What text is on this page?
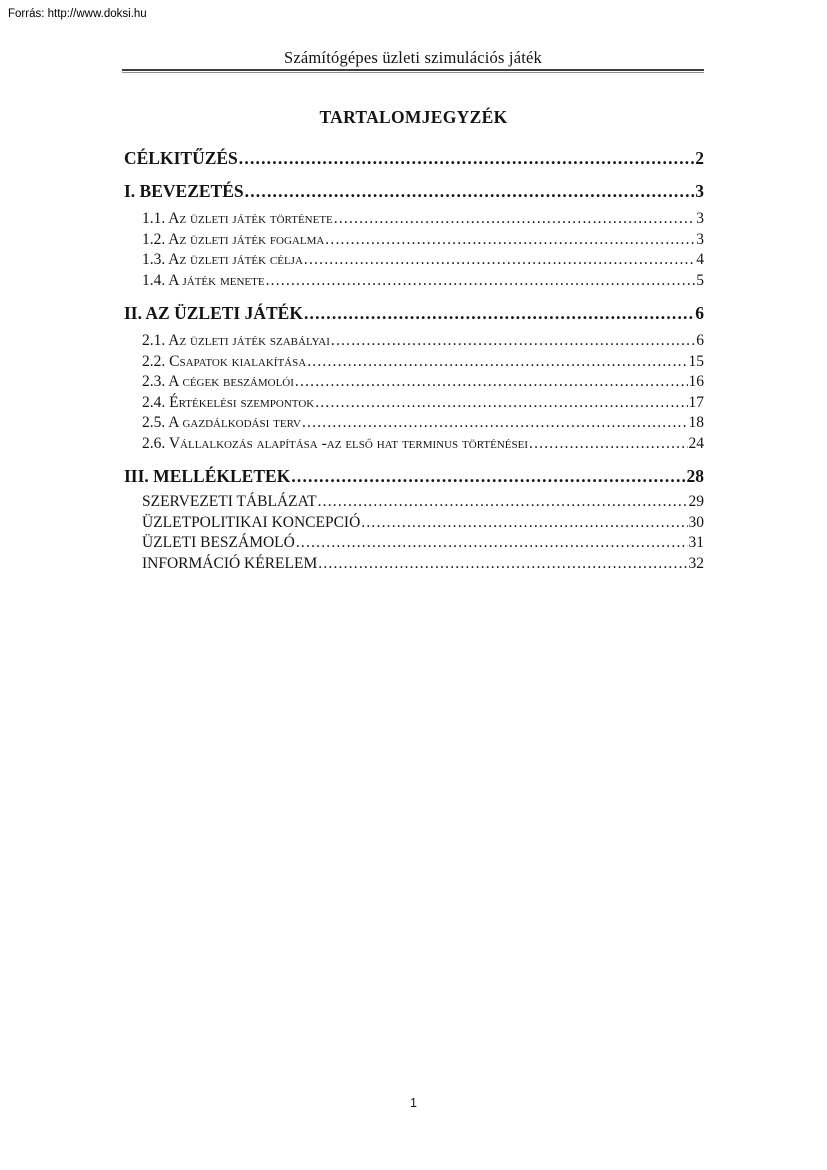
Forrás: http://www.doksi.hu
Számítógépes üzleti szimulációs játék
TARTALOMJEGYZÉK
CÉLKITŰZÉS .....	2
I. BEVEZETÉS .....	3
1.1. Az üzleti játék története .....	3
1.2. Az üzleti játék fogalma .....	3
1.3. Az üzleti játék célja .....	4
1.4. A játék menete .....	5
II. AZ ÜZLETI JÁTÉK .....	6
2.1. Az üzleti játék szabályai .....	6
2.2. Csapatok kialakítása .....	15
2.3. A cégek beszámolói .....	16
2.4. Értékelési szempontok .....	17
2.5. A gazdálkodási terv .....	18
2.6. Vállalkozás alapítása -az első hat terminus történései .....	24
III. MELLÉKLETEK .....	28
SZERVEZETI TÁBLÁZAT .....	29
ÜZLETPOLITIKAI KONCEPCIÓ .....	30
ÜZLETI BESZÁMOLÓ .....	31
INFORMÁCIÓ KÉRELEM .....	32
1
